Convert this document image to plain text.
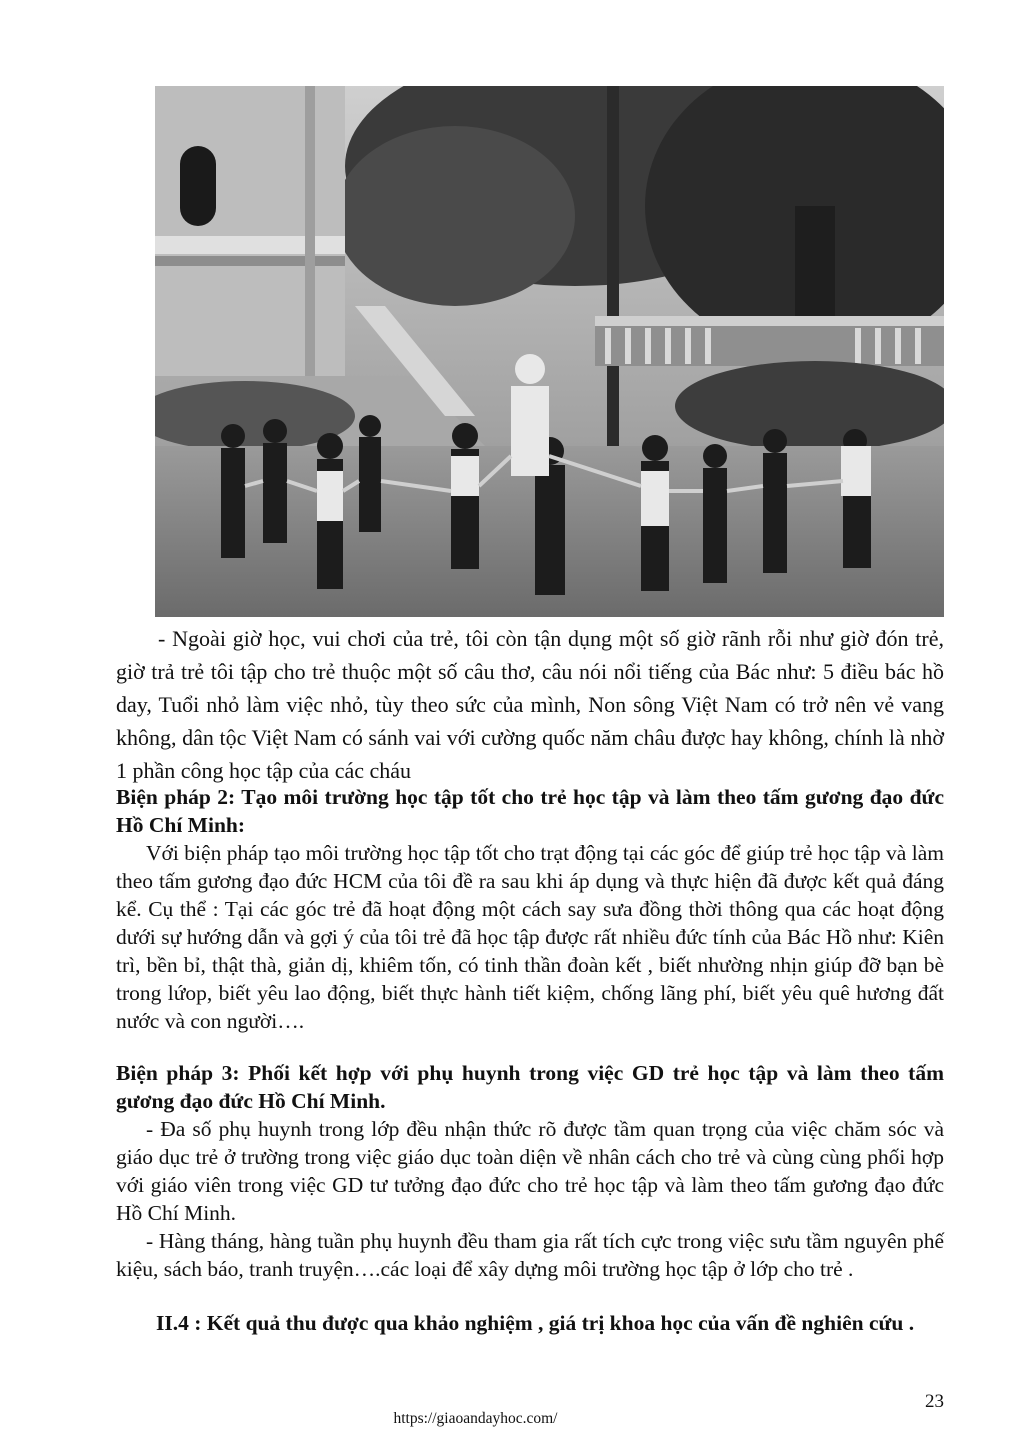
- Ngoài giờ học, vui chơi của trẻ, tôi còn tận dụng một số giờ rãnh rỗi như giờ đón trẻ, giờ trả trẻ tôi tập cho trẻ thuộc một số câu thơ, câu nói nổi tiếng của Bác như: 5 điều bác hồ day, Tuổi nhỏ làm việc nhỏ, tùy theo sức của mình, Non sông Việt Nam có trở nên vẻ vang không, dân tộc Việt Nam có sánh vai với cường quốc năm châu được hay không, chính là nhờ 1 phần công học tập của các cháu

Biện pháp 2: Tạo môi trường học tập tốt cho trẻ học tập và làm theo tấm gương đạo đức Hồ Chí Minh:

Với biện pháp tạo môi trường học tập tốt cho trạt động tại các góc để giúp trẻ học tập và làm theo tấm gương đạo đức HCM của tôi đề ra sau khi áp dụng và thực hiện đã được kết quả đáng kể. Cụ thể : Tại các góc trẻ đã hoạt động một cách say sưa đồng thời thông qua các hoạt động dưới sự hướng dẫn và gợi ý của tôi trẻ đã học tập được rất nhiều đức tính của Bác Hồ như: Kiên trì, bền bỉ, thật thà, giản dị, khiêm tốn, có tinh thần đoàn kết , biết nhường nhịn giúp đỡ bạn bè trong lứop, biết yêu lao động, biết thực hành tiết kiệm, chống lãng phí, biết yêu quê hương đất nước và con người….

Biện pháp 3: Phối kết hợp với phụ huynh trong việc GD trẻ học tập và làm theo tấm gương đạo đức Hồ Chí Minh.

- Đa số phụ huynh trong lớp đều nhận thức rõ được tầm quan trọng của việc chăm sóc và giáo dục trẻ ở trường trong việc giáo dục toàn diện về nhân cách cho trẻ và cùng cùng phối hợp với giáo viên trong việc GD tư tưởng đạo đức cho trẻ học tập và làm theo tấm gương đạo đức Hồ Chí Minh.

- Hàng tháng, hàng tuần phụ huynh đều tham gia rất tích cực trong việc sưu tầm nguyên phế kiệu, sách báo, tranh truyện….các loại để xây dựng môi trường học tập ở lớp cho trẻ .

II.4 : Kết quả thu được qua khảo nghiệm , giá trị khoa học của vấn đề nghiên cứu .

23
https://giaoandayhoc.com/
